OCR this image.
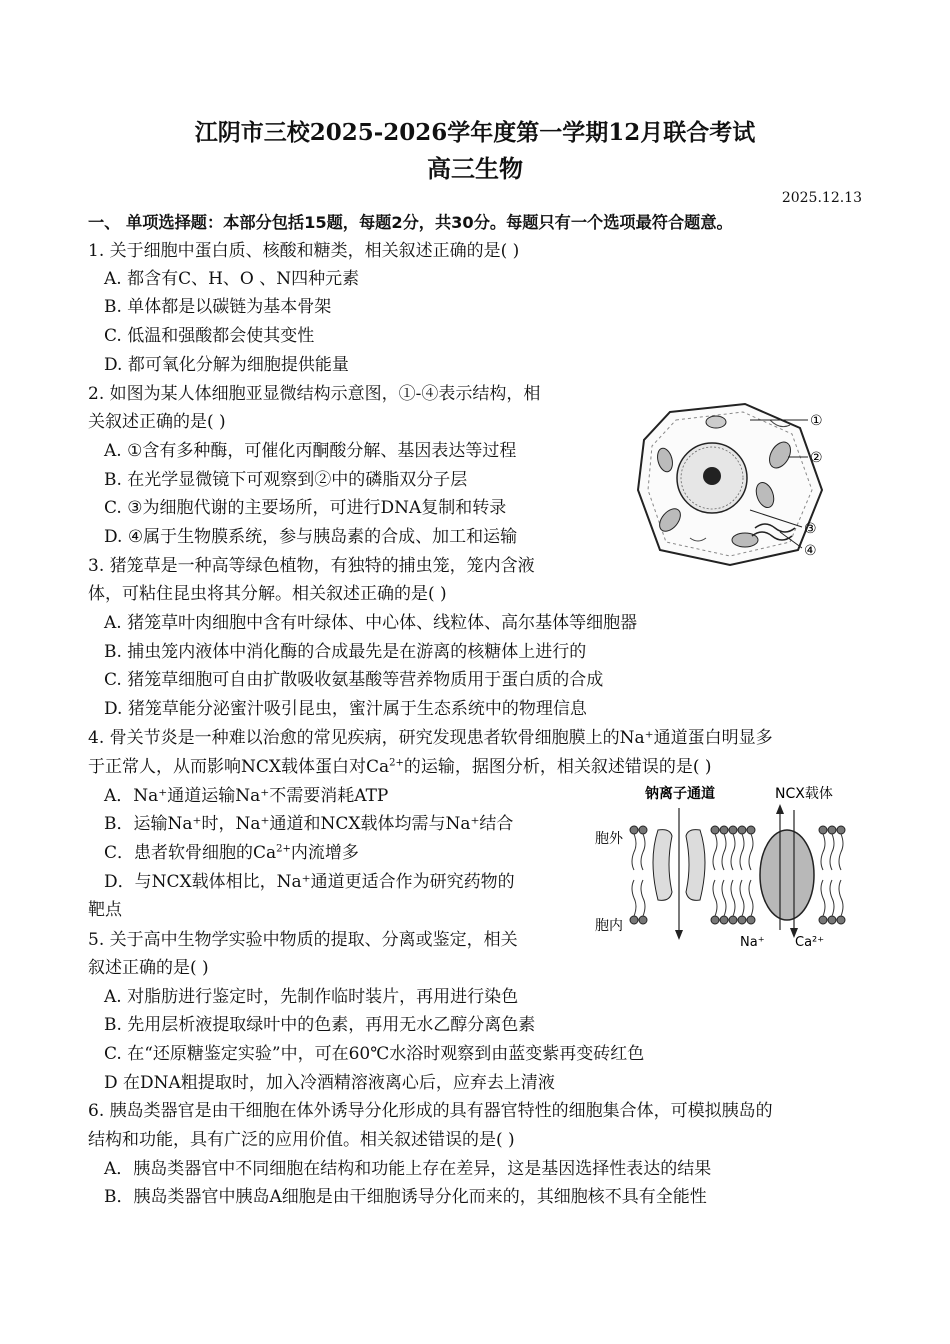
江阴市三校2025-2026学年度第一学期12月联合考试
高三生物
2025.12.13
一、 单项选择题：本部分包括15题，每题2分，共30分。每题只有一个选项最符合题意。
1. 关于细胞中蛋白质、核酸和糖类，相关叙述正确的是( )
A. 都含有C、H、O 、N四种元素
B. 单体都是以碳链为基本骨架
C. 低温和强酸都会使其变性
D. 都可氧化分解为细胞提供能量
2. 如图为某人体细胞亚显微结构示意图，①-④表示结构，相
关叙述正确的是( )
A. ①含有多种酶，可催化丙酮酸分解、基因表达等过程
B. 在光学显微镜下可观察到②中的磷脂双分子层
C. ③为细胞代谢的主要场所，可进行DNA复制和转录
D. ④属于生物膜系统，参与胰岛素的合成、加工和运输
①
②
③
④
3. 猪笼草是一种高等绿色植物，有独特的捕虫笼，笼内含液
体，可粘住昆虫将其分解。相关叙述正确的是( )
A. 猪笼草叶肉细胞中含有叶绿体、中心体、线粒体、高尔基体等细胞器
B. 捕虫笼内液体中消化酶的合成最先是在游离的核糖体上进行的
C. 猪笼草细胞可自由扩散吸收氨基酸等营养物质用于蛋白质的合成
D. 猪笼草能分泌蜜汁吸引昆虫，蜜汁属于生态系统中的物理信息
4. 骨关节炎是一种难以治愈的常见疾病，研究发现患者软骨细胞膜上的Na⁺通道蛋白明显多
于正常人，从而影响NCX载体蛋白对$Ca^{2+}$的运输，据图分析，相关叙述错误的是( )
A．Na⁺通道运输Na⁺不需要消耗ATP
B．运输Na⁺时，Na⁺通道和NCX载体均需与Na⁺结合
C．患者软骨细胞的$Ca^{2+}$内流增多
D．与NCX载体相比，Na⁺通道更适合作为研究药物的
靶点
钠离子通道	NCX载体
胞外
胞内
Na⁺ Ca²⁺
5. 关于高中生物学实验中物质的提取、分离或鉴定，相关
叙述正确的是( )
A. 对脂肪进行鉴定时，先制作临时装片，再用进行染色
B. 先用层析液提取绿叶中的色素，再用无水乙醇分离色素
C. 在“还原糖鉴定实验”中，可在60℃水浴时观察到由蓝变紫再变砖红色
D 在DNA粗提取时，加入冷酒精溶液离心后，应弃去上清液
6. 胰岛类器官是由干细胞在体外诱导分化形成的具有器官特性的细胞集合体，可模拟胰岛的
结构和功能，具有广泛的应用价值。相关叙述错误的是( )
A．胰岛类器官中不同细胞在结构和功能上存在差异，这是基因选择性表达的结果
B．胰岛类器官中胰岛A细胞是由干细胞诱导分化而来的，其细胞核不具有全能性
